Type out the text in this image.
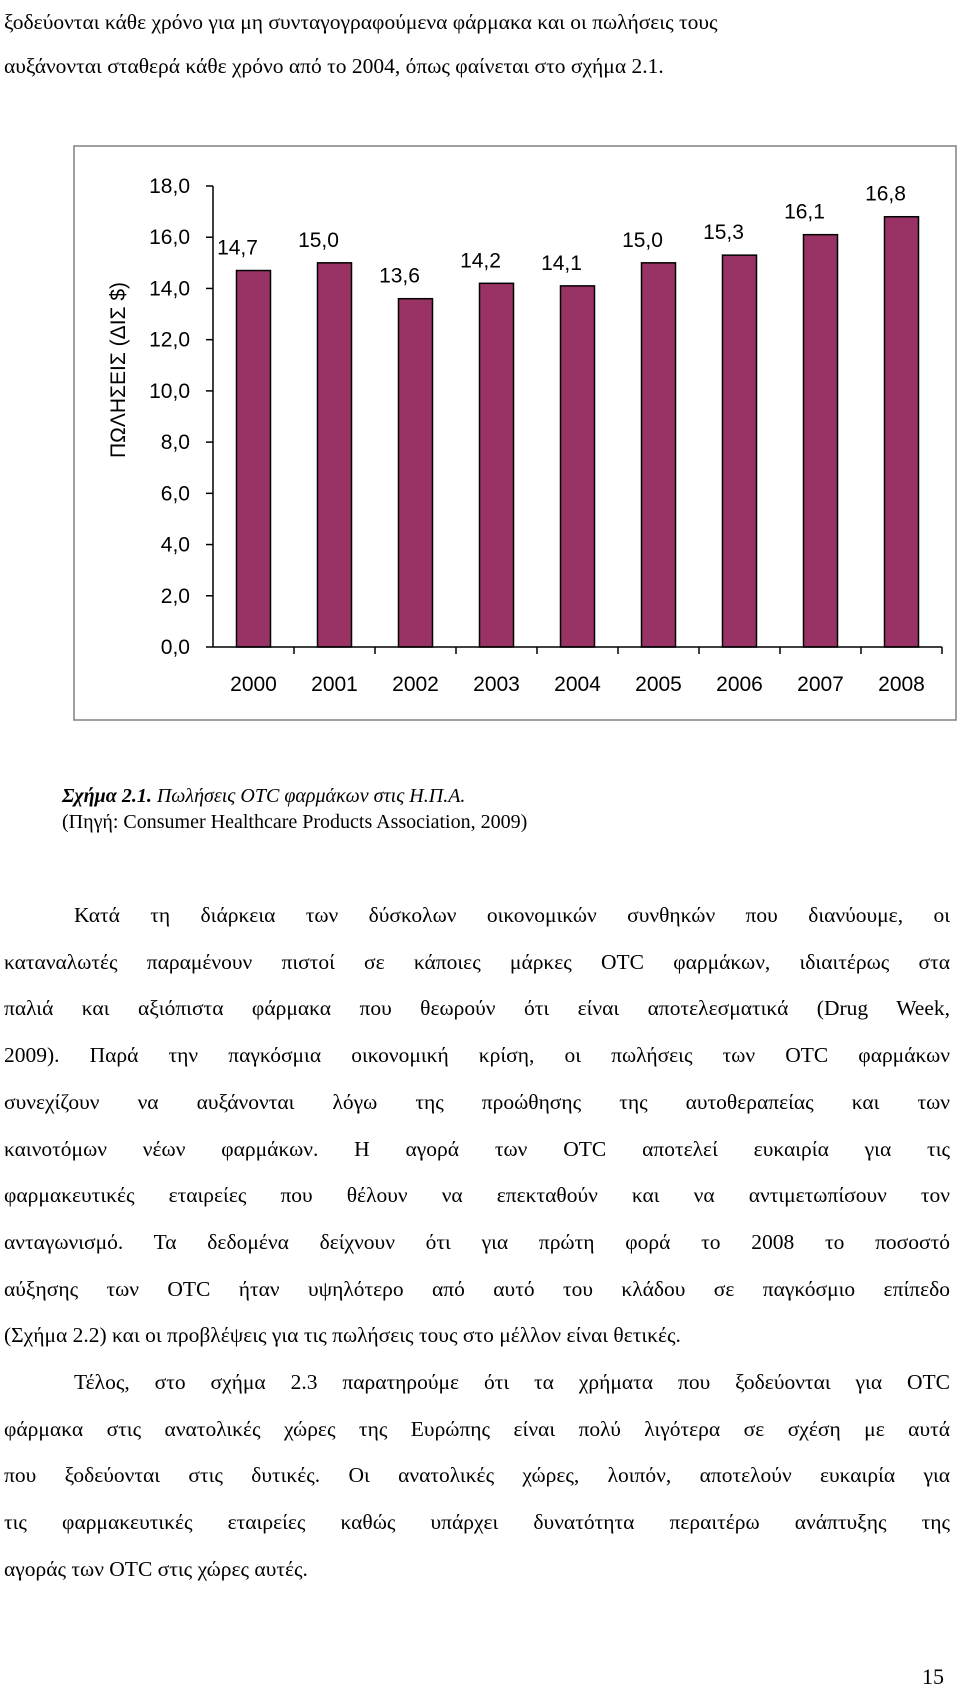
ξοδεύονται κάθε χρόνο για μη συνταγογραφούμενα φάρμακα και οι πωλήσεις τους
αυξάνονται σταθερά κάθε χρόνο από το 2004, όπως φαίνεται στο σχήμα 2.1.

0,0
2,0
4,0
6,0
8,0
10,0
12,0
14,0
16,0
18,0
14,7 15,0
13,6
14,2 14,1
15,0 15,3
16,1
16,8
2000 2001 2002 2003 2004 2005 2006 2007 2008
ΠΩΛΗΣΕΙΣ (ΔΙΣ $)

Σχήμα 2.1. Πωλήσεις OTC φαρμάκων στις Η.Π.Α.

(Πηγή: Consumer Healthcare Products Association, 2009)

Κατά τη διάρκεια των δύσκολων οικονομικών συνθηκών που διανύουμε, οι
καταναλωτές παραμένουν πιστοί σε κάποιες μάρκες OTC φαρμάκων, ιδιαιτέρως στα
παλιά και αξιόπιστα φάρμακα που θεωρούν ότι είναι αποτελεσματικά (Drug Week,
2009). Παρά την παγκόσμια οικονομική κρίση, οι πωλήσεις των OTC φαρμάκων
συνεχίζουν να αυξάνονται λόγω της προώθησης της αυτοθεραπείας και των
καινοτόμων νέων φαρμάκων. Η αγορά των OTC αποτελεί ευκαιρία για τις
φαρμακευτικές εταιρείες που θέλουν να επεκταθούν και να αντιμετωπίσουν τον
ανταγωνισμό. Τα δεδομένα δείχνουν ότι για πρώτη φορά το 2008 το ποσοστό
αύξησης των OTC ήταν υψηλότερο από αυτό του κλάδου σε παγκόσμιο επίπεδο
(Σχήμα 2.2) και οι προβλέψεις για τις πωλήσεις τους στο μέλλον είναι θετικές.

Τέλος, στο σχήμα 2.3 παρατηρούμε ότι τα χρήματα που ξοδεύονται για OTC
φάρμακα στις ανατολικές χώρες της Ευρώπης είναι πολύ λιγότερα σε σχέση με αυτά
που ξοδεύονται στις δυτικές. Οι ανατολικές χώρες, λοιπόν, αποτελούν ευκαιρία για
τις φαρμακευτικές εταιρείες καθώς υπάρχει δυνατότητα περαιτέρω ανάπτυξης της
αγοράς των OTC στις χώρες αυτές.

15
